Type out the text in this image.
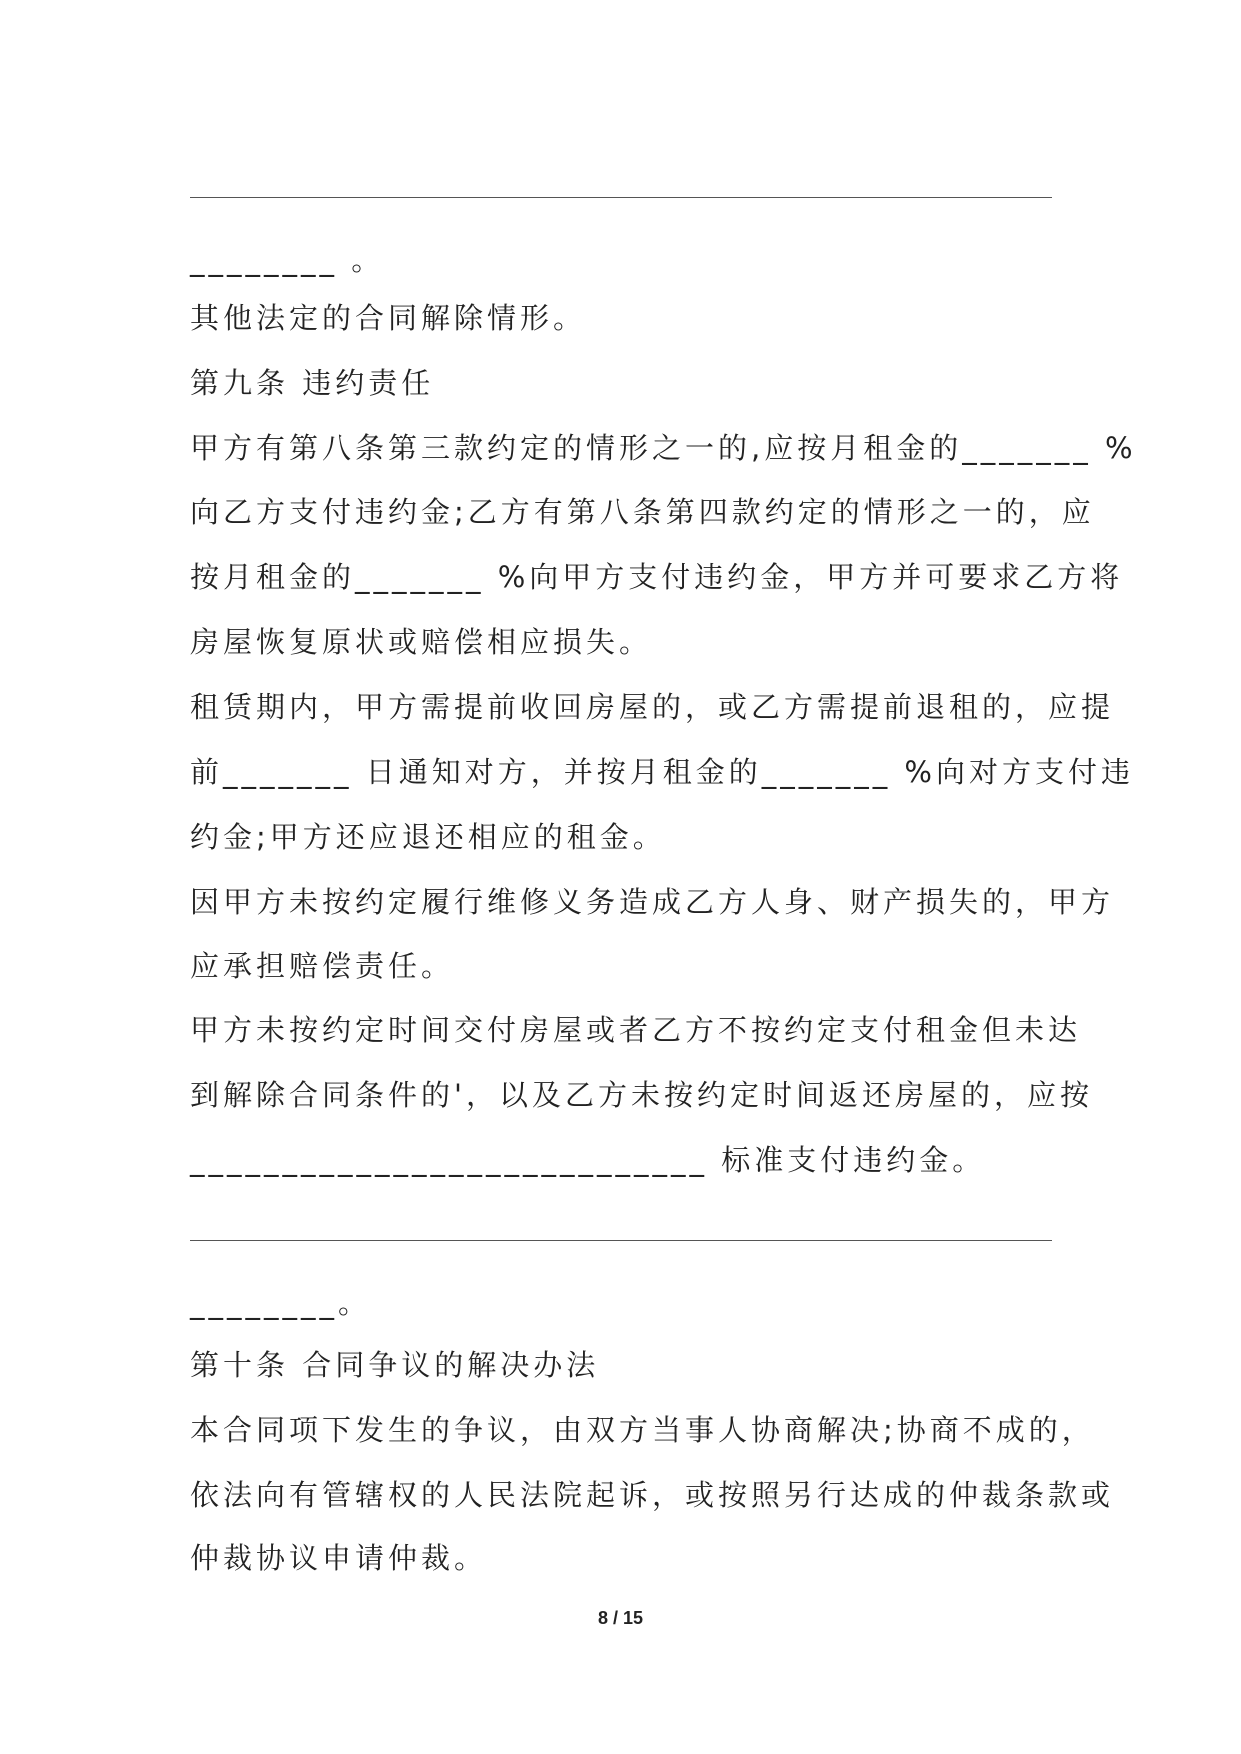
________ 。
其他法定的合同解除情形。
第九条 违约责任
甲方有第八条第三款约定的情形之一的,应按月租金的_______ %
向乙方支付违约金;乙方有第八条第四款约定的情形之一的，应
按月租金的_______ %向甲方支付违约金，甲方并可要求乙方将
房屋恢复原状或赔偿相应损失。
租赁期内，甲方需提前收回房屋的，或乙方需提前退租的，应提
前_______ 日通知对方，并按月租金的_______ %向对方支付违
约金;甲方还应退还相应的租金。
因甲方未按约定履行维修义务造成乙方人身、财产损失的，甲方
应承担赔偿责任。
甲方未按约定时间交付房屋或者乙方不按约定支付租金但未达
到解除合同条件的'，以及乙方未按约定时间返还房屋的，应按
____________________________ 标准支付违约金。
________。
第十条 合同争议的解决办法
本合同项下发生的争议，由双方当事人协商解决;协商不成的，
依法向有管辖权的人民法院起诉，或按照另行达成的仲裁条款或
仲裁协议申请仲裁。
8 / 15
